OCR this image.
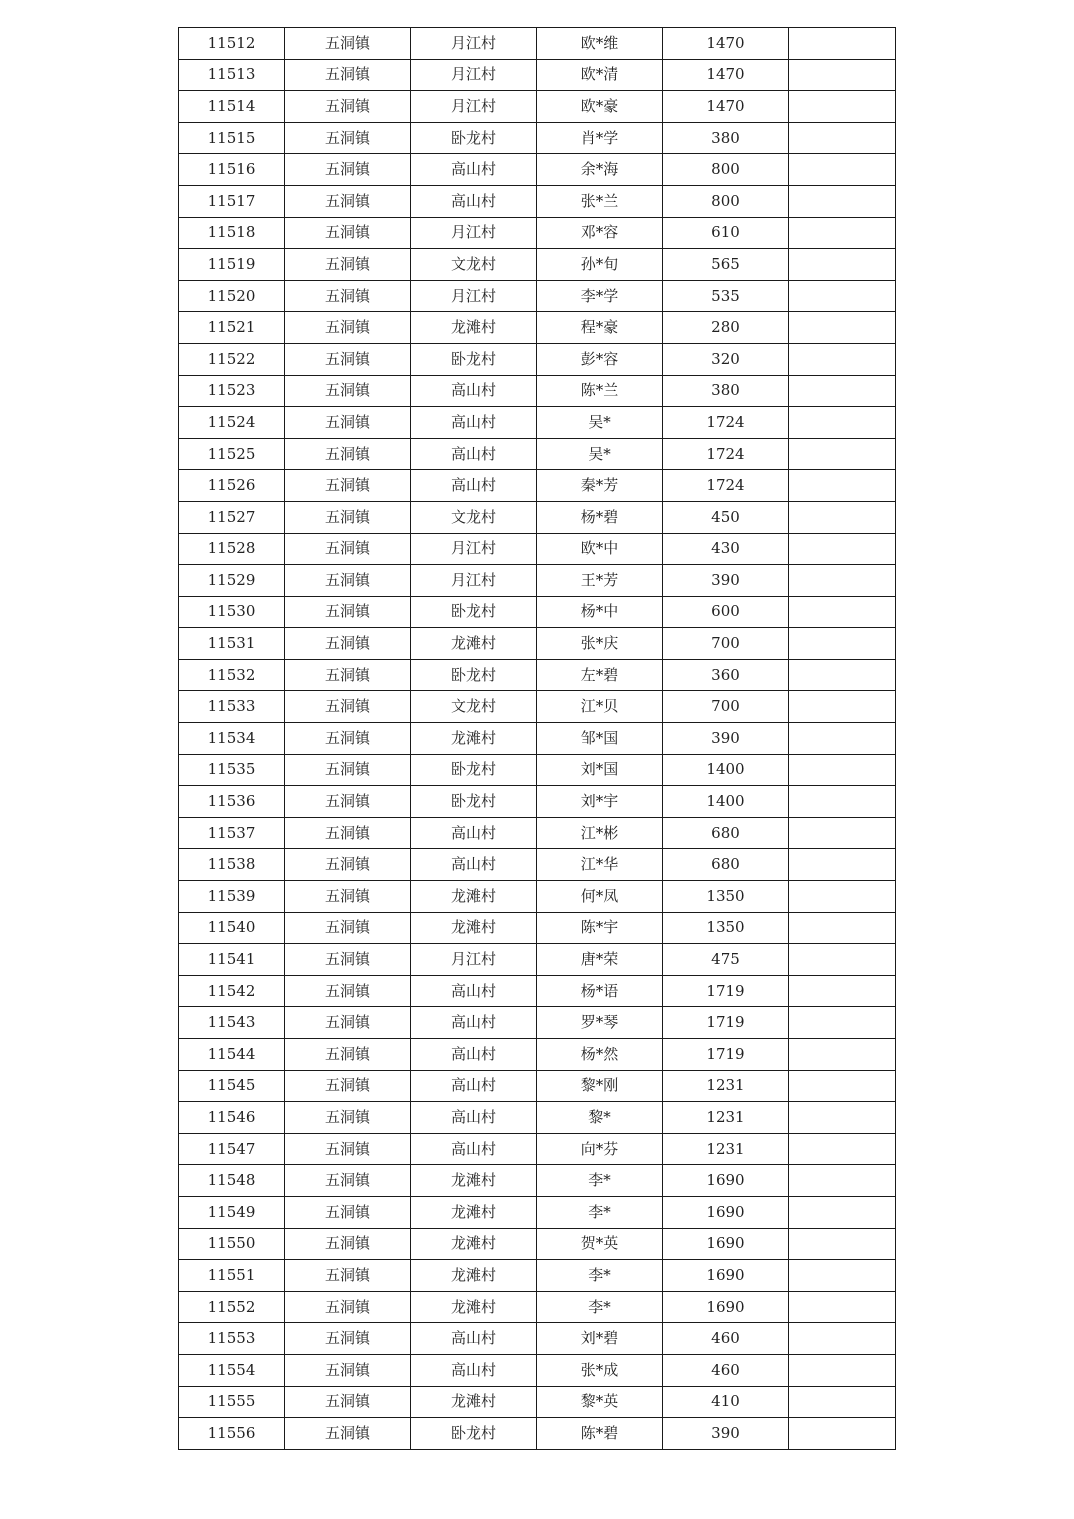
11512	五洞镇	月江村	欧*维	1470	
11513	五洞镇	月江村	欧*清	1470	
11514	五洞镇	月江村	欧*豪	1470	
11515	五洞镇	卧龙村	肖*学	380	
11516	五洞镇	高山村	余*海	800	
11517	五洞镇	高山村	张*兰	800	
11518	五洞镇	月江村	邓*容	610	
11519	五洞镇	文龙村	孙*旬	565	
11520	五洞镇	月江村	李*学	535	
11521	五洞镇	龙滩村	程*豪	280	
11522	五洞镇	卧龙村	彭*容	320	
11523	五洞镇	高山村	陈*兰	380	
11524	五洞镇	高山村	吴*	1724	
11525	五洞镇	高山村	吴*	1724	
11526	五洞镇	高山村	秦*芳	1724	
11527	五洞镇	文龙村	杨*碧	450	
11528	五洞镇	月江村	欧*中	430	
11529	五洞镇	月江村	王*芳	390	
11530	五洞镇	卧龙村	杨*中	600	
11531	五洞镇	龙滩村	张*庆	700	
11532	五洞镇	卧龙村	左*碧	360	
11533	五洞镇	文龙村	江*贝	700	
11534	五洞镇	龙滩村	邹*国	390	
11535	五洞镇	卧龙村	刘*国	1400	
11536	五洞镇	卧龙村	刘*宇	1400	
11537	五洞镇	高山村	江*彬	680	
11538	五洞镇	高山村	江*华	680	
11539	五洞镇	龙滩村	何*凤	1350	
11540	五洞镇	龙滩村	陈*宇	1350	
11541	五洞镇	月江村	唐*荣	475	
11542	五洞镇	高山村	杨*语	1719	
11543	五洞镇	高山村	罗*琴	1719	
11544	五洞镇	高山村	杨*然	1719	
11545	五洞镇	高山村	黎*刚	1231	
11546	五洞镇	高山村	黎*	1231	
11547	五洞镇	高山村	向*芬	1231	
11548	五洞镇	龙滩村	李*	1690	
11549	五洞镇	龙滩村	李*	1690	
11550	五洞镇	龙滩村	贺*英	1690	
11551	五洞镇	龙滩村	李*	1690	
11552	五洞镇	龙滩村	李*	1690	
11553	五洞镇	高山村	刘*碧	460	
11554	五洞镇	高山村	张*成	460	
11555	五洞镇	龙滩村	黎*英	410	
11556	五洞镇	卧龙村	陈*碧	390	
